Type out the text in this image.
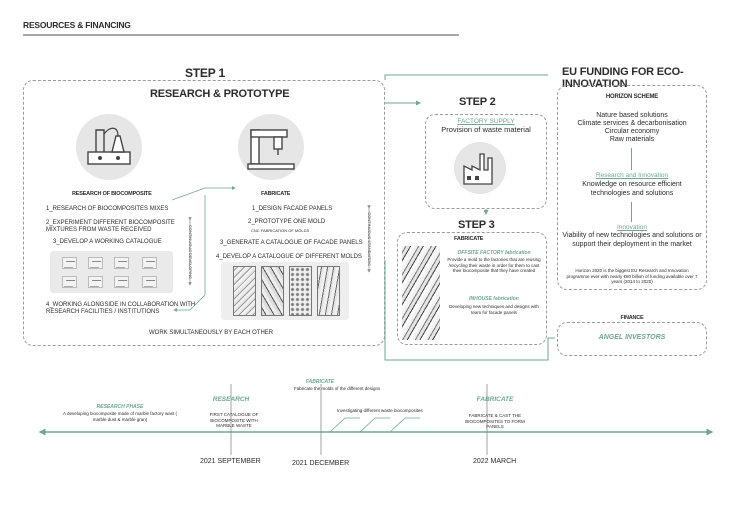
RESOURCES & FINANCING
STEP 1
RESEARCH & PROTOTYPE
RESEARCH OF BIOCOMPOSITE
1_RESEARCH OF BIOCOMPOSITES MIXES
2_EXPERIMENT DIFFERENT BIOCOMPOSITE MIXTURES FROM WASTE RECEIVED
3_DEVELOP A WORKING CATALOGUE
4_WORKING ALONGSIDE IN COLLABORATION WITH RESEARCH FACILITIES / INSTITUTIONS
CONTINUOUS DEVELOPING
FABRICATE
1_DESIGN FACADE PANELS
2_PROTOTYPE ONE MOLD
CNC FABRICATION OF MOLDS
3_GENERATE A CATALOGUE OF FACADE PANELS
4_DEVELOP A CATALOGUE OF DIFFERENT MOLDS	CONTINUOUS STANDARDIS
WORK SIMULTANEOUSLY BY EACH OTHER
STEP 2
FACTORY SUPPLY
Provision of waste material
STEP 3
FABRICATE
OFFSITE FACTORY fabrication
Provide a mold to the factories that are reusing /recycling their waste in order for them to cast their biocomposite that they have created
INHOUSE fabrication
Developing new techniques and designs with team for facade panels
EU FUNDING FOR ECO-INNOVATION
HORIZON SCHEME
Nature based solutions
Climate services & decarbonisation
Circular economy
Raw materials
Research and Innovation
Knowledge on resource efficient technologies and solutions
Innovation
Viability of new technologies and solutions or support their deployment in the market
Horizon 2020 is the biggest EU Research and Innovation programme ever with nearly €80 billion of funding available over 7 years (2014 to 2020)
FINANCE
ANGEL INVESTORS
RESEARCH PHASE
A developing biocomposite made of marble factory wast ( marble dust & marble gran)
RESEARCH
FIRST CATALOGUE OF BIOCOMPOSITE WITH MARBLE WASTE
FABRICATE
Fabricate the molds of the different designs
Investigating different waste biocomposites
FABRICATE
FABRICATE & CAST THE BIOCOMPOSITES TO FORM PANELS
2021 SEPTEMBER	2021 DECEMBER	2022 MARCH
